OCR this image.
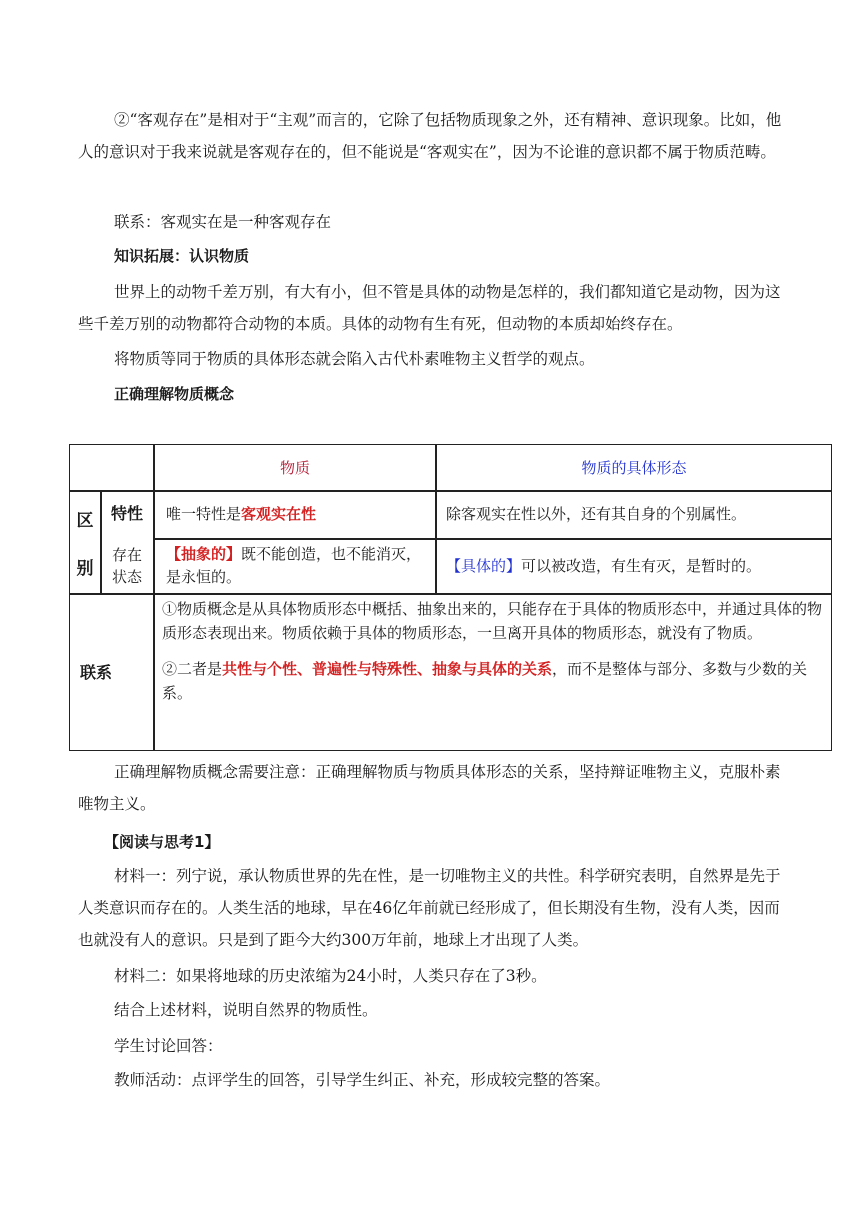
②“客观存在”是相对于“主观”而言的，它除了包括物质现象之外，还有精神、意识现象。比如，他人的意识对于我来说就是客观存在的，但不能说是“客观实在”，因为不论谁的意识都不属于物质范畴。

联系：客观实在是一种客观存在

知识拓展：认识物质

世界上的动物千差万别，有大有小，但不管是具体的动物是怎样的，我们都知道它是动物，因为这些千差万别的动物都符合动物的本质。具体的动物有生有死，但动物的本质却始终存在。

将物质等同于物质的具体形态就会陷入古代朴素唯物主义哲学的观点。

正确理解物质概念

物质	物质的具体形态
区
别
特性
存在
状态
唯一特性是客观实在性	除客观实在性以外，还有其自身的个别属性。
【抽象的】既不能创造，也不能消灭，是永恒的。
【具体的】可以被改造，有生有灭，是暂时的。
联系
①物质概念是从具体物质形态中概括、抽象出来的，只能存在于具体的物质形态中，并通过具体的物质形态表现出来。物质依赖于具体的物质形态，一旦离开具体的物质形态，就没有了物质。
②二者是共性与个性、普遍性与特殊性、抽象与具体的关系，而不是整体与部分、多数与少数的关系。

正确理解物质概念需要注意：正确理解物质与物质具体形态的关系，坚持辩证唯物主义，克服朴素唯物主义。

【阅读与思考1】

材料一：列宁说，承认物质世界的先在性，是一切唯物主义的共性。科学研究表明，自然界是先于人类意识而存在的。人类生活的地球，早在46亿年前就已经形成了，但长期没有生物，没有人类，因而也就没有人的意识。只是到了距今大约300万年前，地球上才出现了人类。

材料二：如果将地球的历史浓缩为24小时，人类只存在了3秒。

结合上述材料，说明自然界的物质性。

学生讨论回答：

教师活动：点评学生的回答，引导学生纠正、补充，形成较完整的答案。
